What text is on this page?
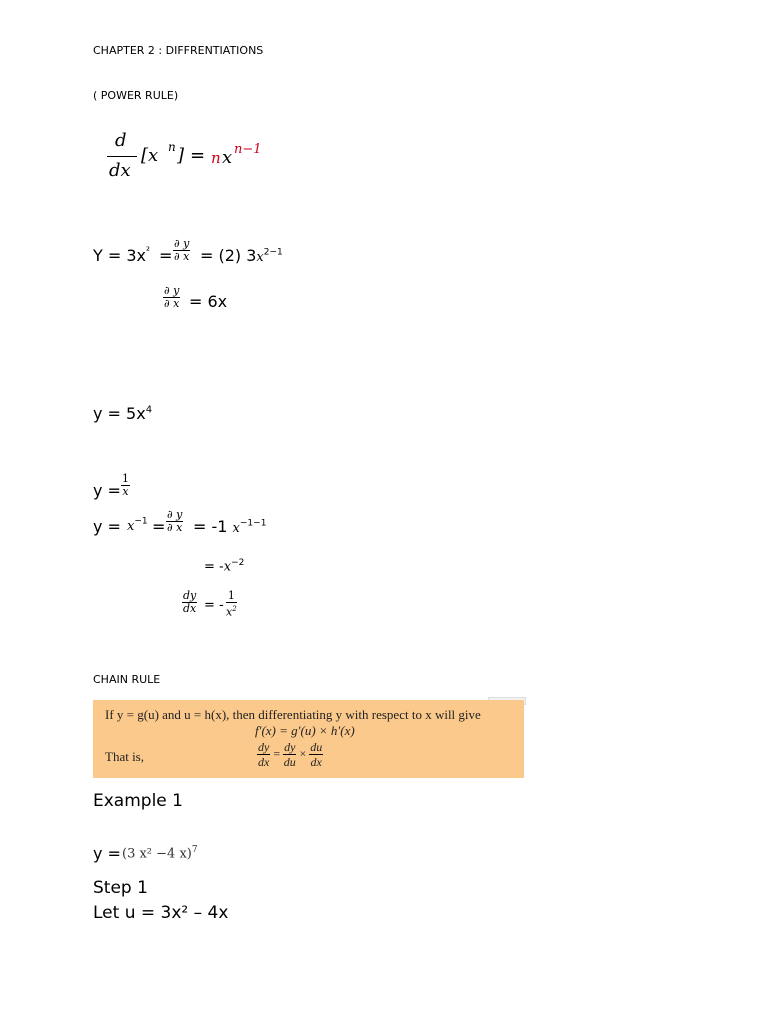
CHAPTER 2 : DIFFRENTIATIONS
( POWER RULE)
d
dx
[x n ] = n x n−1
$Y = 3x^{^2} = \frac{\partial y}{\partial x} = (2)$ $3x^{2-1}$
$\frac{\partial y}{\partial x} = 6x$
$y = 5x^4$
$y = \frac{1}{x}$
$y = x^{-1} = \frac{\partial y}{\partial x} = -1$ $x^{-1-1}$
= $-x^{-2}$
$\frac{dy}{dx}$ = - $\frac{1}{x^2}$
CHAIN RULE
If y = g(u) and u = h(x), then differentiating y with respect to x will give
f′(x) = g′(u) × h′(x)
That is,	$\frac{dy}{dx} = \frac{dy}{du} \times \frac{du}{dx}$
Example 1
y = (3 x² −4 x)$^7$
Step 1
Let u = 3x² – 4x
